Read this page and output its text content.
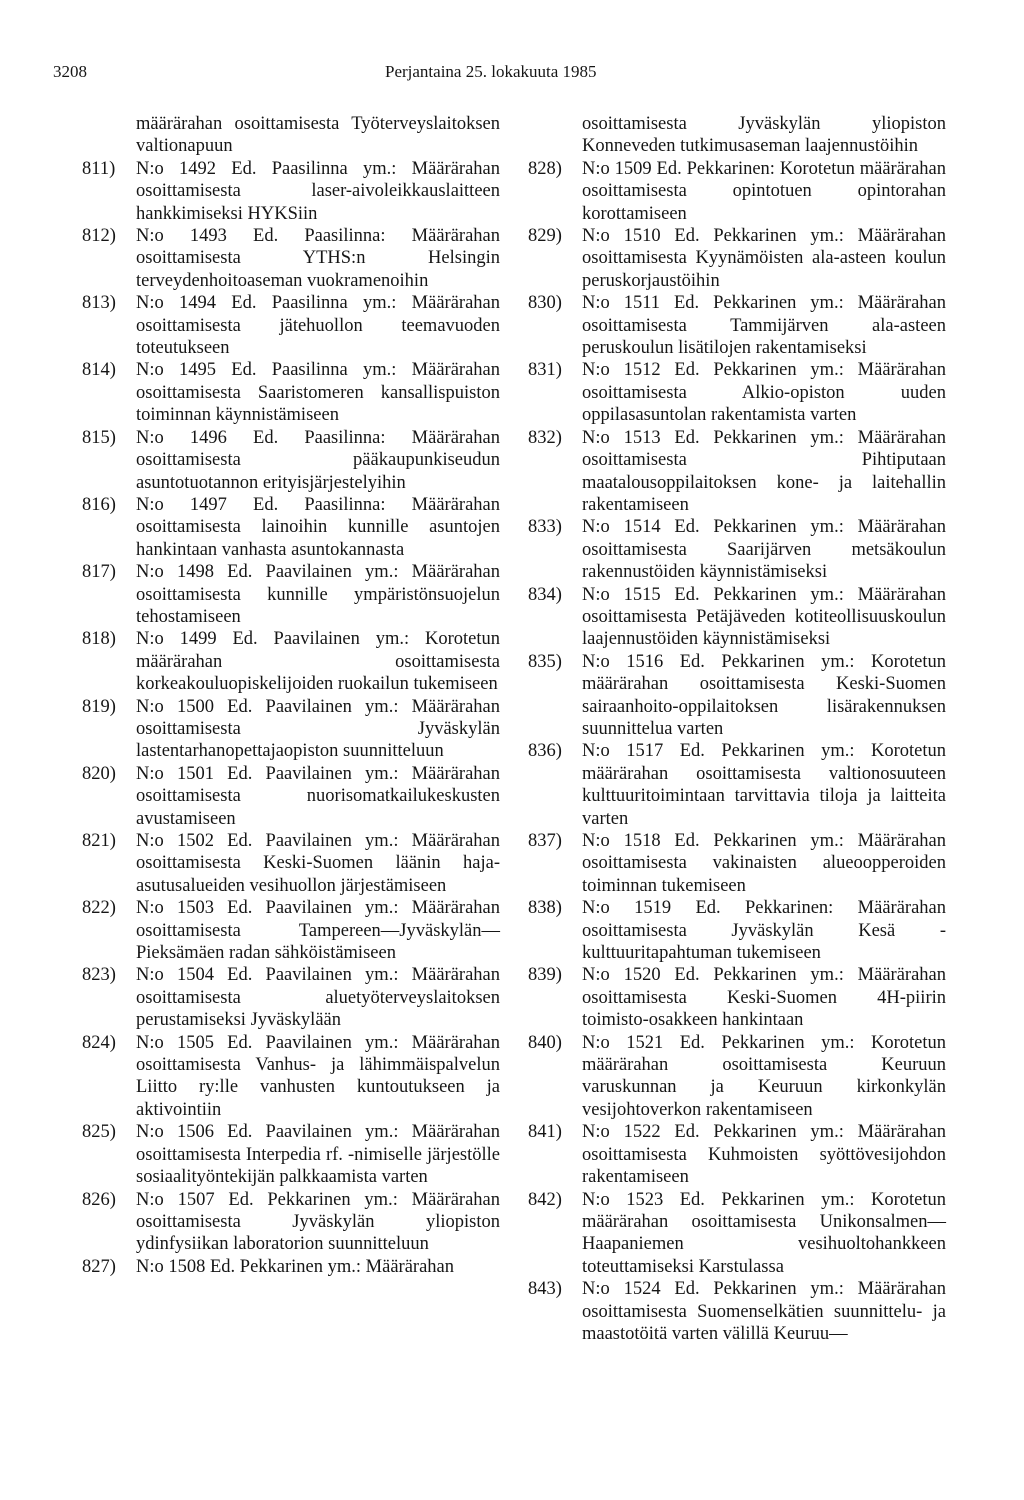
3208	Perjantaina 25. lokakuuta 1985

määrärahan osoittamisesta Työterveyslaitoksen valtionapuun

811) N:o 1492 Ed. Paasilinna ym.: Määrärahan osoittamisesta laser-aivoleikkauslaitteen hankkimiseksi HYKSiin

812) N:o 1493 Ed. Paasilinna: Määrärahan osoittamisesta YTHS:n Helsingin terveydenhoitoaseman vuokramenoihin

813) N:o 1494 Ed. Paasilinna ym.: Määrärahan osoittamisesta jätehuollon teemavuoden toteutukseen

814) N:o 1495 Ed. Paasilinna ym.: Määrärahan osoittamisesta Saaristomeren kansallispuiston toiminnan käynnistämiseen

815) N:o 1496 Ed. Paasilinna: Määrärahan osoittamisesta pääkaupunkiseudun asuntotuotannon erityisjärjestelyihin

816) N:o 1497 Ed. Paasilinna: Määrärahan osoittamisesta lainoihin kunnille asuntojen hankintaan vanhasta asuntokannasta

817) N:o 1498 Ed. Paavilainen ym.: Määrärahan osoittamisesta kunnille ympäristönsuojelun tehostamiseen

818) N:o 1499 Ed. Paavilainen ym.: Korotetun määrärahan osoittamisesta korkeakouluopiskelijoiden ruokailun tukemiseen

819) N:o 1500 Ed. Paavilainen ym.: Määrärahan osoittamisesta Jyväskylän lastentarhanopettajaopiston suunnitteluun

820) N:o 1501 Ed. Paavilainen ym.: Määrärahan osoittamisesta nuorisomatkailukeskusten avustamiseen

821) N:o 1502 Ed. Paavilainen ym.: Määrärahan osoittamisesta Keski-Suomen läänin haja-asutusalueiden vesihuollon järjestämiseen

822) N:o 1503 Ed. Paavilainen ym.: Määrärahan osoittamisesta Tampereen—Jyväskylän—Pieksämäen radan sähköistämiseen

823) N:o 1504 Ed. Paavilainen ym.: Määrärahan osoittamisesta aluetyöterveyslaitoksen perustamiseksi Jyväskylään

824) N:o 1505 Ed. Paavilainen ym.: Määrärahan osoittamisesta Vanhus- ja lähimmäispalvelun Liitto ry:lle vanhusten kuntoutukseen ja aktivointiin

825) N:o 1506 Ed. Paavilainen ym.: Määrärahan osoittamisesta Interpedia rf. -nimiselle järjestölle sosiaalityöntekijän palkkaamista varten

826) N:o 1507 Ed. Pekkarinen ym.: Määrärahan osoittamisesta Jyväskylän yliopiston ydinfysiikan laboratorion suunnitteluun

827) N:o 1508 Ed. Pekkarinen ym.: Määrärahan

osoittamisesta Jyväskylän yliopiston Konneveden tutkimusaseman laajennustöihin

828) N:o 1509 Ed. Pekkarinen: Korotetun määrärahan osoittamisesta opintotuen opintorahan korottamiseen

829) N:o 1510 Ed. Pekkarinen ym.: Määrärahan osoittamisesta Kyynämöisten ala-asteen koulun peruskorjaustöihin

830) N:o 1511 Ed. Pekkarinen ym.: Määrärahan osoittamisesta Tammijärven ala-asteen peruskoulun lisätilojen rakentamiseksi

831) N:o 1512 Ed. Pekkarinen ym.: Määrärahan osoittamisesta Alkio-opiston uuden oppilasasuntolan rakentamista varten

832) N:o 1513 Ed. Pekkarinen ym.: Määrärahan osoittamisesta Pihtiputaan maatalousoppilaitoksen kone- ja laitehallin rakentamiseen

833) N:o 1514 Ed. Pekkarinen ym.: Määrärahan osoittamisesta Saarijärven metsäkoulun rakennustöiden käynnistämiseksi

834) N:o 1515 Ed. Pekkarinen ym.: Määrärahan osoittamisesta Petäjäveden kotiteollisuuskoulun laajennustöiden käynnistämiseksi

835) N:o 1516 Ed. Pekkarinen ym.: Korotetun määrärahan osoittamisesta Keski-Suomen sairaanhoito-oppilaitoksen lisärakennuksen suunnittelua varten

836) N:o 1517 Ed. Pekkarinen ym.: Korotetun määrärahan osoittamisesta valtionosuuteen kulttuuritoimintaan tarvittavia tiloja ja laitteita varten

837) N:o 1518 Ed. Pekkarinen ym.: Määrärahan osoittamisesta vakinaisten alueoopperoiden toiminnan tukemiseen

838) N:o 1519 Ed. Pekkarinen: Määrärahan osoittamisesta Jyväskylän Kesä -kulttuuritapahtuman tukemiseen

839) N:o 1520 Ed. Pekkarinen ym.: Määrärahan osoittamisesta Keski-Suomen 4H-piirin toimisto-osakkeen hankintaan

840) N:o 1521 Ed. Pekkarinen ym.: Korotetun määrärahan osoittamisesta Keuruun varuskunnan ja Keuruun kirkonkylän vesijohtoverkon rakentamiseen

841) N:o 1522 Ed. Pekkarinen ym.: Määrärahan osoittamisesta Kuhmoisten syöttövesijohdon rakentamiseen

842) N:o 1523 Ed. Pekkarinen ym.: Korotetun määrärahan osoittamisesta Unikonsalmen—Haapaniemen vesihuoltohankkeen toteuttamiseksi Karstulassa

843) N:o 1524 Ed. Pekkarinen ym.: Määrärahan osoittamisesta Suomenselkätien suunnittelu- ja maastotöitä varten välillä Keuruu—
